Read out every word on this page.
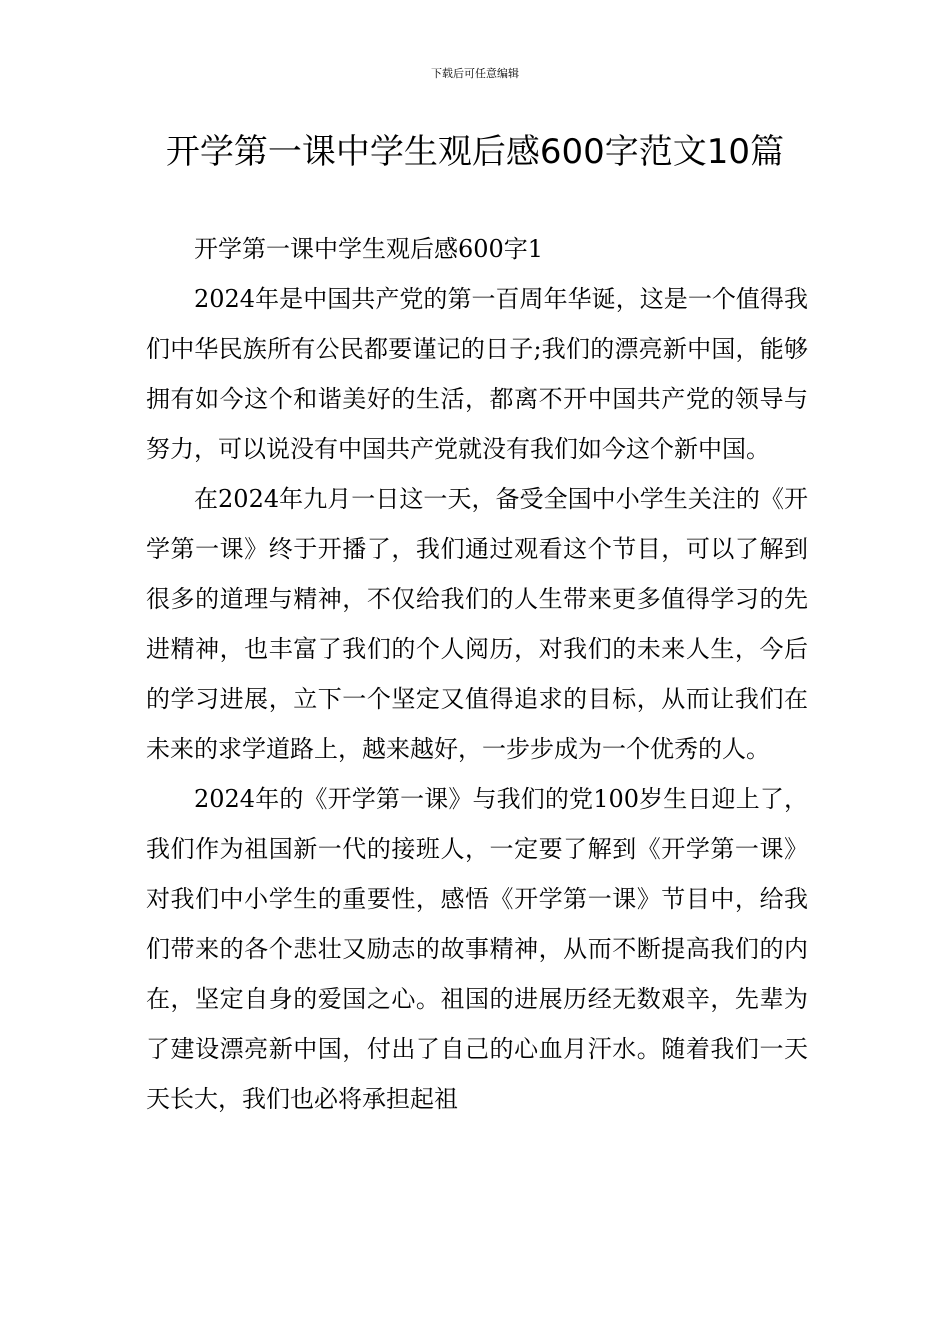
下载后可任意编辑
开学第一课中学生观后感600字范文10篇
开学第一课中学生观后感600字1

2024年是中国共产党的第一百周年华诞，这是一个值得我们中华民族所有公民都要谨记的日子;我们的漂亮新中国，能够拥有如今这个和谐美好的生活，都离不开中国共产党的领导与努力，可以说没有中国共产党就没有我们如今这个新中国。

在2024年九月一日这一天，备受全国中小学生关注的《开学第一课》终于开播了，我们通过观看这个节目，可以了解到很多的道理与精神，不仅给我们的人生带来更多值得学习的先进精神，也丰富了我们的个人阅历，对我们的未来人生，今后的学习进展，立下一个坚定又值得追求的目标，从而让我们在未来的求学道路上，越来越好，一步步成为一个优秀的人。

2024年的《开学第一课》与我们的党100岁生日迎上了，我们作为祖国新一代的接班人，一定要了解到《开学第一课》对我们中小学生的重要性，感悟《开学第一课》节目中，给我们带来的各个悲壮又励志的故事精神，从而不断提高我们的内在，坚定自身的爱国之心。祖国的进展历经无数艰辛，先辈为了建设漂亮新中国，付出了自己的心血月汗水。随着我们一天天长大，我们也必将承担起祖
